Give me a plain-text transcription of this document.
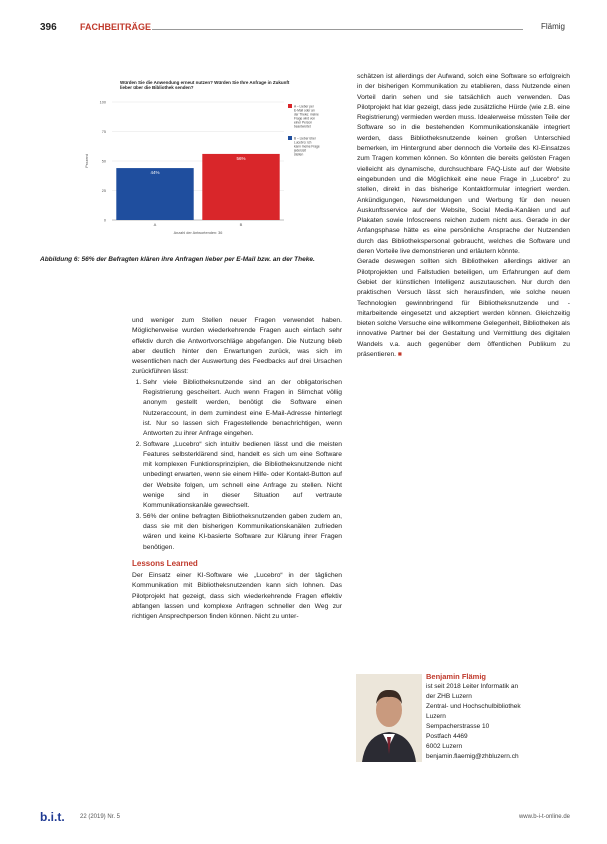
396	FACHBEITRÄGE	Flämig
Würden Sie die Anwendung erneut nutzen? Würden Sie Ihre Anfrage in Zukunft lieber über die Bibliothek senden?
0
25
50
75
100
Prozent
44%
A
56%
B
Anzahl der Antwortenden: 36
A – Lieber per E-Mail oder an der Theke: meine Frage wird von einer Person beantwortet
B – Lieber über Lucebro: ich kann meine Frage jederzeit stellen
Abbildung 6: 56% der Befragten klären ihre Anfragen lieber per E-Mail bzw. an der Theke.

und weniger zum Stellen neuer Fragen verwendet haben. Möglicherweise wurden wiederkehrende Fragen auch einfach sehr effektiv durch die Antwortvorschläge abgefangen. Die Nutzung blieb aber deutlich hinter den Erwartungen zurück, was sich im wesentlichen nach der Auswertung des Feedbacks auf drei Ursachen zurückführen lässt:

1. Sehr viele Bibliotheksnutzende sind an der obligatorischen Registrierung gescheitert. Auch wenn Fragen in Slimchat völlig anonym gestellt werden, benötigt die Software einen Nutzeraccount, in dem zumindest eine E-Mail-Adresse hinterlegt ist. Nur so lassen sich Fragestellende benachrichtigen, wenn Antworten zu ihrer Anfrage eingehen.
2. Software „Lucebro“ sich intuitiv bedienen lässt und die meisten Features selbsterklärend sind, handelt es sich um eine Software mit komplexen Funktionsprinzipien, die Bibliotheksnutzende nicht unbedingt erwarten, wenn sie einem Hilfe- oder Kontakt-Button auf der Website folgen, um schnell eine Anfrage zu stellen. Nicht wenige sind in dieser Situation auf vertraute Kommunikationskanäle gewechselt.
3. 56% der online befragten Bibliotheksnutzenden gaben zudem an, dass sie mit den bisherigen Kommunikationskanälen zufrieden wären und keine KI-basierte Software zur Klärung ihrer Fragen benötigen.
Lessons Learned

Der Einsatz einer KI-Software wie „Lucebro“ in der täglichen Kommunikation mit Bibliotheksnutzenden kann sich lohnen. Das Pilotprojekt hat gezeigt, dass sich wiederkehrende Fragen effektiv abfangen lassen und komplexe Anfragen schneller den Weg zur richtigen Ansprechperson finden können. Nicht zu unter-

schätzen ist allerdings der Aufwand, solch eine Software so erfolgreich in der bisherigen Kommunikation zu etablieren, dass Nutzende einen Vorteil darin sehen und sie tatsächlich auch verwenden. Das Pilotprojekt hat klar gezeigt, dass jede zusätzliche Hürde (wie z.B. eine Registrierung) vermieden werden muss. Idealerweise müssten Teile der Software so in die bestehenden Kommunikationskanäle integriert werden, dass Bibliotheksnutzende keinen großen Unterschied bemerken, im Hintergrund aber dennoch die Vorteile des KI-Einsatzes zum Tragen kommen können. So könnten die bereits gelösten Fragen vielleicht als dynamische, durchsuchbare FAQ-Liste auf der Website eingebunden und die Möglichkeit eine neue Frage in „Lucebro“ zu stellen, direkt in das bisherige Kontaktformular integriert werden. Ankündigungen, Newsmeldungen und Werbung für den neuen Auskunftsservice auf der Website, Social Media-Kanälen und auf Plakaten sowie Infoscreens reichen zudem nicht aus. Gerade in der Anfangsphase hätte es eine persönliche Ansprache der Nutzenden durch das Bibliothekspersonal gebraucht, welches die Software und deren Vorteile live demonstrieren und erläutern könnte.

Gerade deswegen sollten sich Bibliotheken allerdings aktiver an Pilotprojekten und Fallstudien beteiligen, um Erfahrungen auf dem Gebiet der künstlichen Intelligenz auszutauschen. Nur durch den praktischen Versuch lässt sich herausfinden, wie solche neuen Technologien gewinnbringend für Bibliotheksnutzende und -mitarbeitende eingesetzt und akzeptiert werden können. Gleichzeitig bieten solche Versuche eine willkommene Gelegenheit, Bibliotheken als innovative Partner bei der Gestaltung und Vermittlung des digitalen Wandels v.a. auch gegenüber dem öffentlichen Publikum zu präsentieren. ■

Benjamin Flämig
ist seit 2018 Leiter Informatik an
der ZHB Luzern
Zentral- und Hochschulbibliothek
Luzern
Sempacherstrasse 10
Postfach 4469
6002 Luzern
benjamin.flaemig@zhbluzern.ch
b.i.t.	22 (2019) Nr. 5	www.b-i-t-online.de
